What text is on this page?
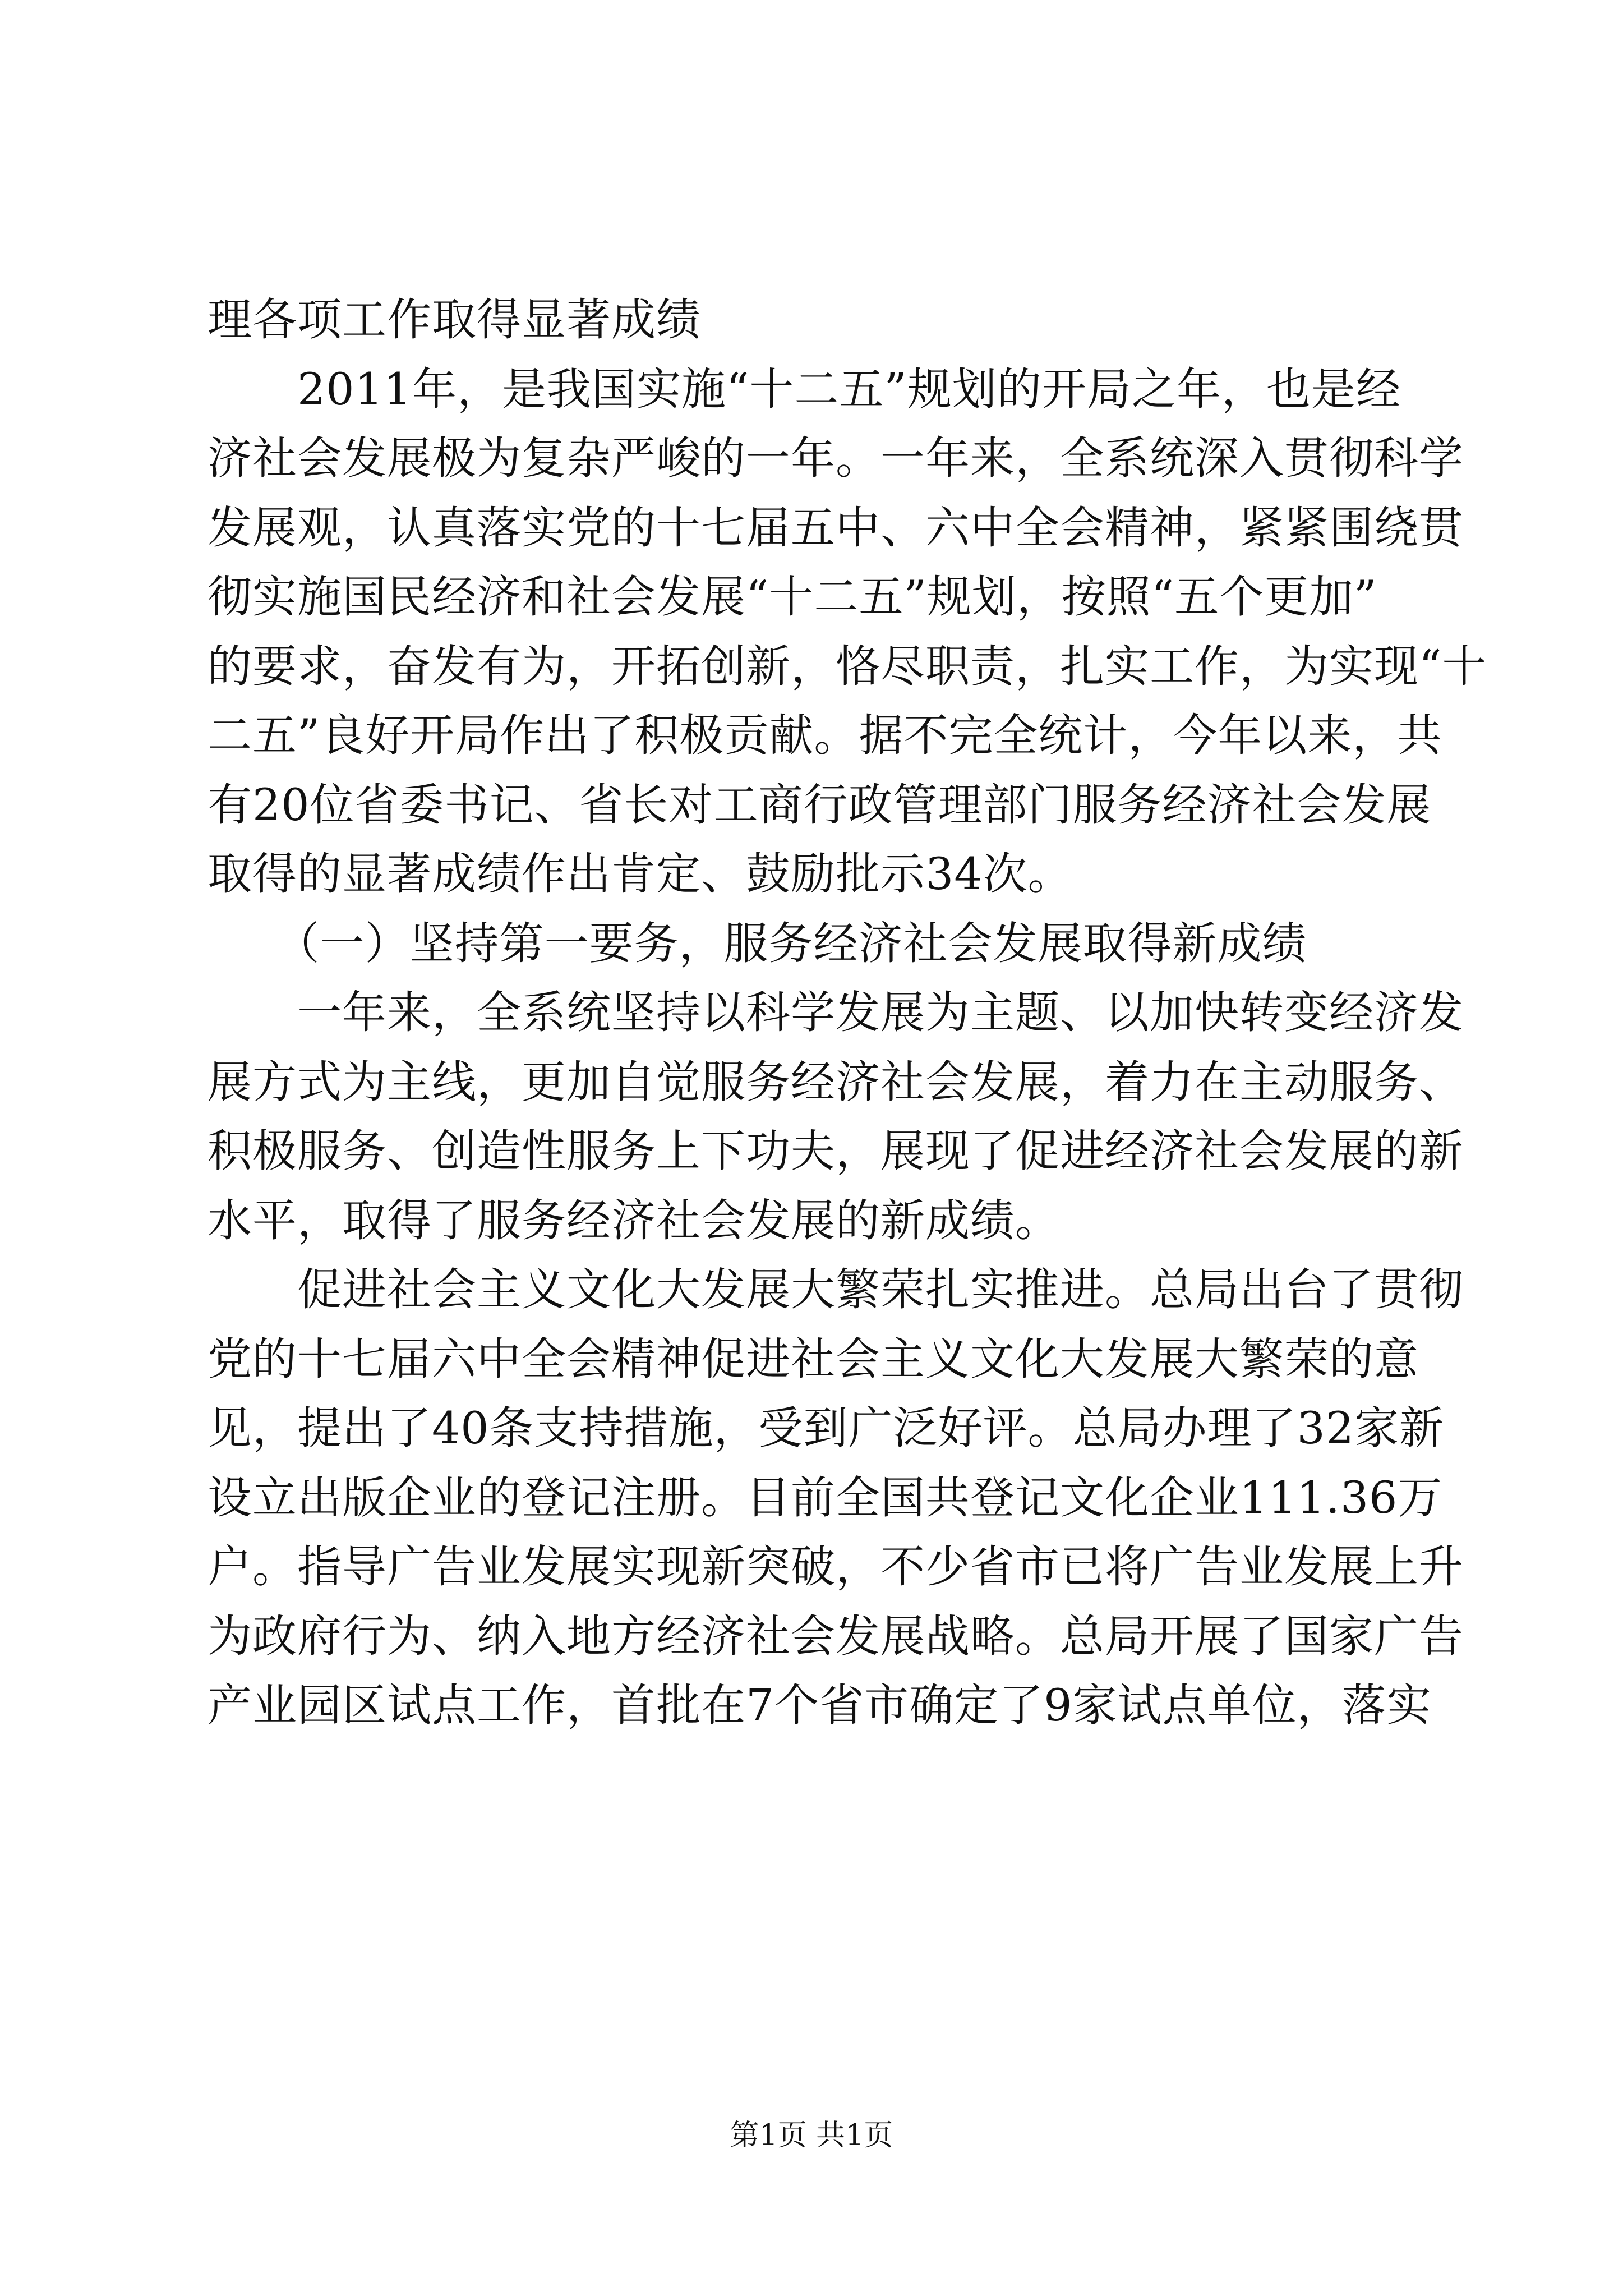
理各项工作取得显著成绩
　　2011年，是我国实施“十二五”规划的开局之年，也是经
济社会发展极为复杂严峻的一年。一年来，全系统深入贯彻科学
发展观，认真落实党的十七届五中、六中全会精神，紧紧围绕贯
彻实施国民经济和社会发展“十二五”规划，按照“五个更加”
的要求，奋发有为，开拓创新，恪尽职责，扎实工作，为实现“十
二五”良好开局作出了积极贡献。据不完全统计，今年以来，共
有20位省委书记、省长对工商行政管理部门服务经济社会发展
取得的显著成绩作出肯定、鼓励批示34次。
　　（一）坚持第一要务，服务经济社会发展取得新成绩
　　一年来，全系统坚持以科学发展为主题、以加快转变经济发
展方式为主线，更加自觉服务经济社会发展，着力在主动服务、
积极服务、创造性服务上下功夫，展现了促进经济社会发展的新
水平，取得了服务经济社会发展的新成绩。
　　促进社会主义文化大发展大繁荣扎实推进。总局出台了贯彻
党的十七届六中全会精神促进社会主义文化大发展大繁荣的意
见，提出了40条支持措施，受到广泛好评。总局办理了32家新
设立出版企业的登记注册。目前全国共登记文化企业111.36万
户。指导广告业发展实现新突破，不少省市已将广告业发展上升
为政府行为、纳入地方经济社会发展战略。总局开展了国家广告
产业园区试点工作，首批在7个省市确定了9家试点单位，落实
第1页 共1页
